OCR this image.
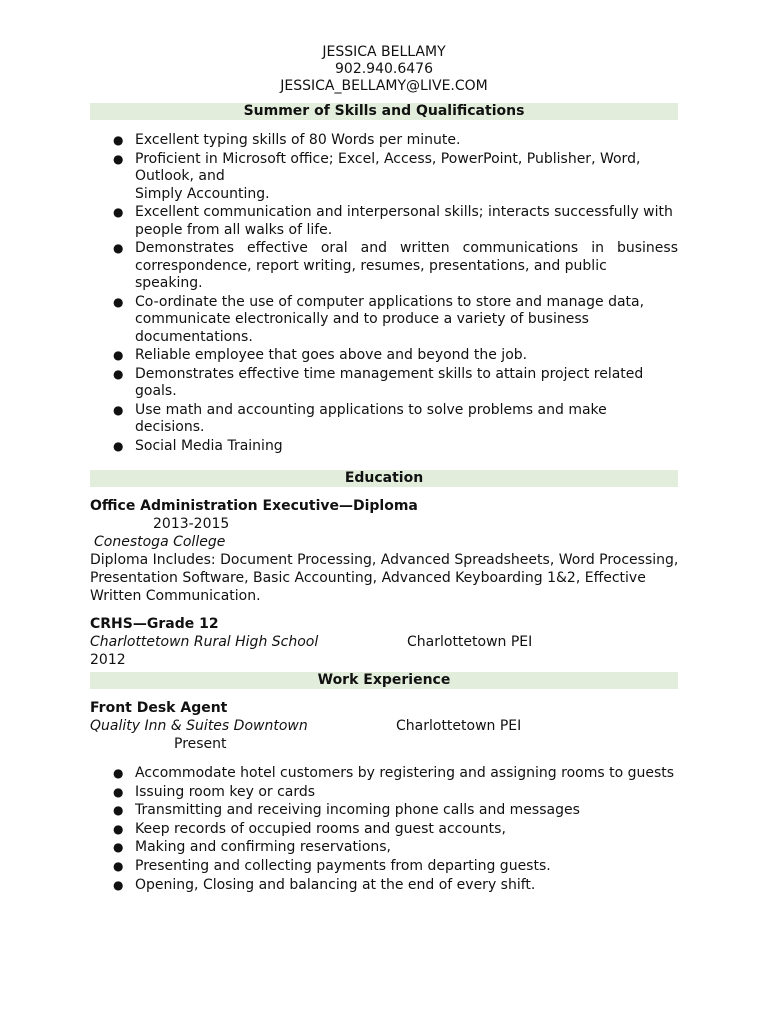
JESSICA BELLAMY
902.940.6476
JESSICA_BELLAMY@LIVE.COM
Summer of Skills and Qualifications
● Excellent typing skills of 80 Words per minute.
● Proficient in Microsoft office; Excel, Access, PowerPoint, Publisher, Word,
Outlook, and
Simply Accounting.
● Excellent communication and interpersonal skills; interacts successfully with
people from all walks of life.
● Demonstrates effective oral and written communications in business
correspondence, report writing, resumes, presentations, and public speaking.
● Co-ordinate the use of computer applications to store and manage data,
communicate electronically and to produce a variety of business
documentations.
● Reliable employee that goes above and beyond the job.
● Demonstrates effective time management skills to attain project related
goals.
● Use math and accounting applications to solve problems and make decisions.
● Social Media Training
Education
Office Administration Executive—Diploma
2013-2015
Conestoga College
Diploma Includes: Document Processing, Advanced Spreadsheets, Word Processing,
Presentation Software, Basic Accounting, Advanced Keyboarding 1&2, Effective
Written Communication.
CRHS—Grade 12
Charlottetown Rural High School	Charlottetown PEI
2012
Work Experience
Front Desk Agent
Quality Inn & Suites Downtown	Charlottetown PEI
Present
● Accommodate hotel customers by registering and assigning rooms to guests
● Issuing room key or cards
● Transmitting and receiving incoming phone calls and messages
● Keep records of occupied rooms and guest accounts,
● Making and confirming reservations,
● Presenting and collecting payments from departing guests.
● Opening, Closing and balancing at the end of every shift.
